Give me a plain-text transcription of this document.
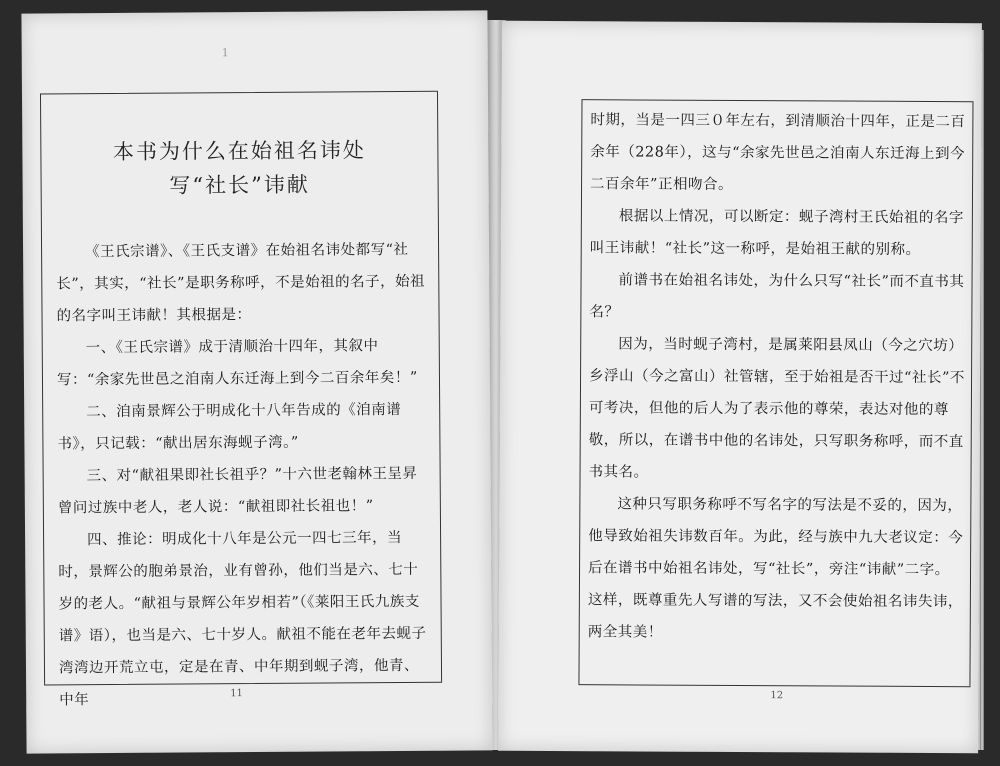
1
本书为什么在始祖名讳处
写“社长”讳献

《王氏宗谱》、《王氏支谱》在始祖名讳处都写“社长”，其实，“社长”是职务称呼，不是始祖的名子，始祖的名字叫王讳献！其根据是：

一、《王氏宗谱》成于清顺治十四年，其叙中写：“余家先世邑之洎南人东迁海上到今二百余年矣！”

二、洎南景辉公于明成化十八年告成的《洎南谱书》，只记载：“献出居东海蚬子湾。”

三、对“献祖果即社长祖乎？”十六世老翰林王呈昇曾问过族中老人，老人说：“献祖即社长祖也！”

四、推论：明成化十八年是公元一四七三年，当时，景辉公的胞弟景治，业有曾孙，他们当是六、七十岁的老人。“献祖与景辉公年岁相若”（《莱阳王氏九族支谱》语），也当是六、七十岁人。献祖不能在老年去蚬子湾湾边开荒立屯，定是在青、中年期到蚬子湾，他青、中年	11

时期，当是一四三０年左右，到清顺治十四年，正是二百余年（228年），这与“余家先世邑之洎南人东迁海上到今二百余年”正相吻合。

根据以上情况，可以断定：蚬子湾村王氏始祖的名字叫王讳献！“社长”这一称呼，是始祖王献的别称。

前谱书在始祖名讳处，为什么只写“社长”而不直书其名？

因为，当时蚬子湾村，是属莱阳县凤山（今之穴坊）乡浮山（今之富山）社管辖，至于始祖是否干过“社长”不可考决，但他的后人为了表示他的尊荣，表达对他的尊敬，所以，在谱书中他的名讳处，只写职务称呼，而不直书其名。

这种只写职务称呼不写名字的写法是不妥的，因为，他导致始祖失讳数百年。为此，经与族中九大老议定：今后在谱书中始祖名讳处，写“社长”，旁注“讳献”二字。这样，既尊重先人写谱的写法，又不会使始祖名讳失讳，两全其美！

12
